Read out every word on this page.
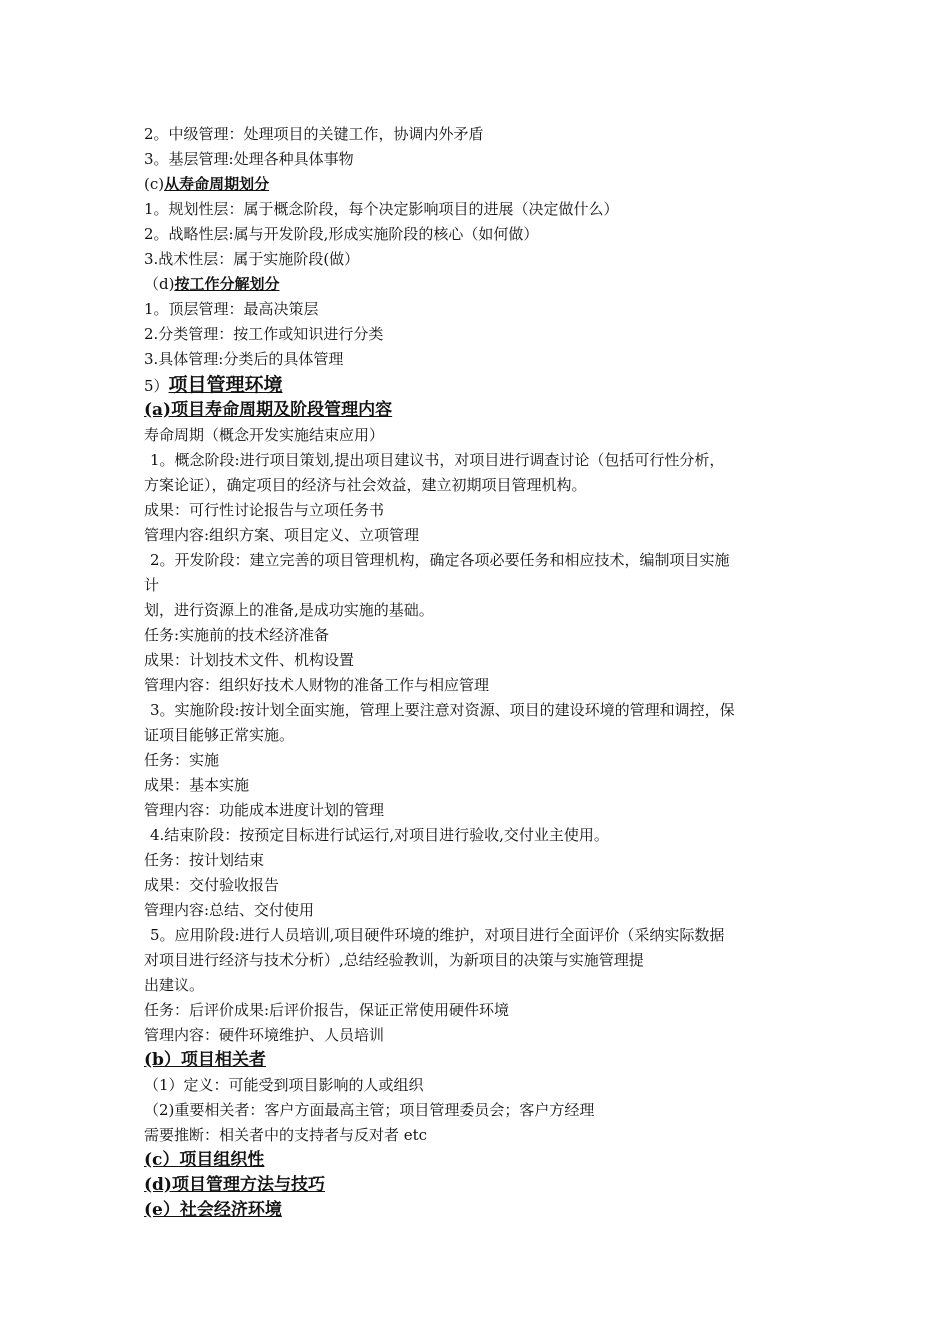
2。中级管理：处理项目的关键工作，协调内外矛盾
3。基层管理:处理各种具体事物
(c)从寿命周期划分
1。规划性层：属于概念阶段，每个决定影响项目的进展（决定做什么）
2。战略性层:属与开发阶段,形成实施阶段的核心（如何做）
3.战术性层：属于实施阶段(做）
（d)按工作分解划分
1。顶层管理：最高决策层
2.分类管理：按工作或知识进行分类
3.具体管理:分类后的具体管理
5）项目管理环境
(a)项目寿命周期及阶段管理内容
寿命周期（概念开发实施结束应用）
1。概念阶段:进行项目策划,提出项目建议书，对项目进行调查讨论（包括可行性分析，
方案论证），确定项目的经济与社会效益，建立初期项目管理机构。
成果：可行性讨论报告与立项任务书
管理内容:组织方案、项目定义、立项管理
2。开发阶段：建立完善的项目管理机构，确定各项必要任务和相应技术，编制项目实施
计
划，进行资源上的准备,是成功实施的基础。
任务:实施前的技术经济准备
成果：计划技术文件、机构设置
管理内容：组织好技术人财物的准备工作与相应管理
3。实施阶段:按计划全面实施，管理上要注意对资源、项目的建设环境的管理和调控，保
证项目能够正常实施。
任务：实施
成果：基本实施
管理内容：功能成本进度计划的管理
4.结束阶段：按预定目标进行试运行,对项目进行验收,交付业主使用。
任务：按计划结束
成果：交付验收报告
管理内容:总结、交付使用
5。应用阶段:进行人员培训,项目硬件环境的维护，对项目进行全面评价（采纳实际数据
对项目进行经济与技术分析）,总结经验教训，为新项目的决策与实施管理提
出建议。
任务：后评价成果:后评价报告，保证正常使用硬件环境
管理内容：硬件环境维护、人员培训
(b）项目相关者
（1）定义：可能受到项目影响的人或组织
（2)重要相关者：客户方面最高主管；项目管理委员会；客户方经理
需要推断：相关者中的支持者与反对者 etc
(c）项目组织性
(d)项目管理方法与技巧
(e）社会经济环境
